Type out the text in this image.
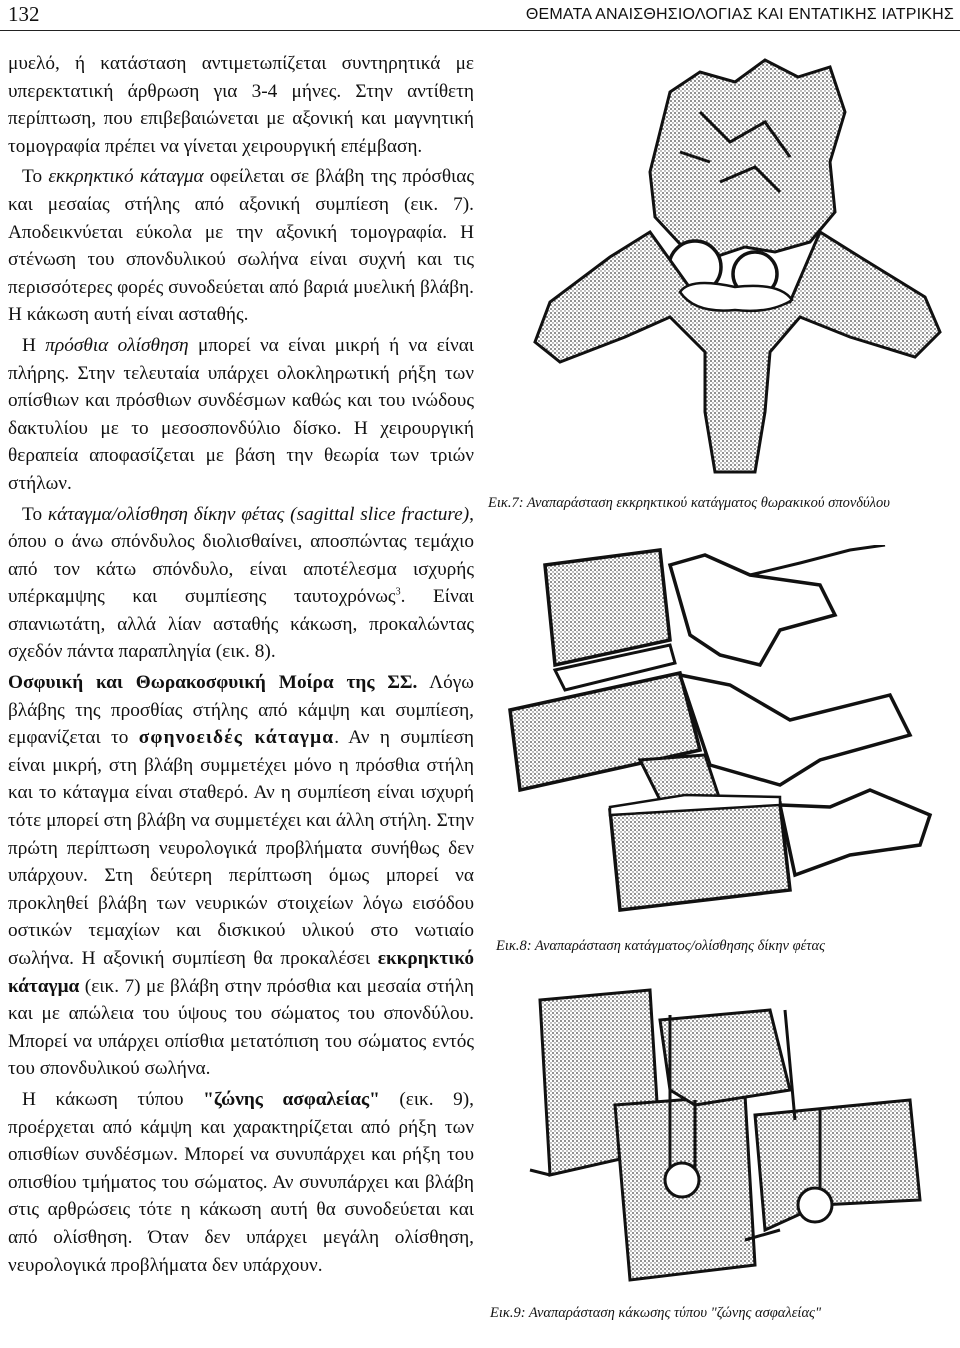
132	ΘΕΜΑΤΑ ΑΝΑΙΣΘΗΣΙΟΛΟΓΙΑΣ ΚΑΙ ΕΝΤΑΤΙΚΗΣ ΙΑΤΡΙΚΗΣ

μυελό, ή κατάσταση αντιμετωπίζεται συντηρητικά με υπερεκτατική άρθρωση για 3-4 μήνες. Στην αντίθετη περίπτωση, που επιβεβαιώνεται με αξονική και μαγνητική τομογραφία πρέπει να γίνεται χειρουργική επέμβαση.

Το εκκρηκτικό κάταγμα οφείλεται σε βλάβη της πρόσθιας και μεσαίας στήλης από αξονική συμπίεση (εικ. 7). Αποδεικνύεται εύκολα με την αξονική τομογραφία. Η στένωση του σπονδυλικού σωλήνα είναι συχνή και τις περισσότερες φορές συνοδεύεται από βαριά μυελική βλάβη. Η κάκωση αυτή είναι ασταθής.

Η πρόσθια ολίσθηση μπορεί να είναι μικρή ή να είναι πλήρης. Στην τελευταία υπάρχει ολοκληρωτική ρήξη των οπίσθιων και πρόσθιων συνδέσμων καθώς και του ινώδους δακτυλίου με το μεσοσπονδύλιο δίσκο. Η χειρουργική θεραπεία αποφασίζεται με βάση την θεωρία των τριών στήλων.

Το κάταγμα/ολίσθηση δίκην φέτας (sagittal slice fracture), όπου ο άνω σπόνδυλος διολισθαίνει, αποσπώντας τεμάχιο από τον κάτω σπόνδυλο, είναι αποτέλεσμα ισχυρής υπέρκαμψης και συμπίεσης ταυτοχρόνως$^3$. Είναι σπανιωτάτη, αλλά λίαν ασταθής κάκωση, προκαλώντας σχεδόν πάντα παραπληγία (εικ. 8).

Οσφυική και Θωρακοσφυική Μοίρα της ΣΣ. Λόγω βλάβης της προσθίας στήλης από κάμψη και συμπίεση, εμφανίζεται το σφηνοειδές κάταγμα. Αν η συμπίεση είναι μικρή, στη βλάβη συμμετέχει μόνο η πρόσθια στήλη και το κάταγμα είναι σταθερό. Αν η συμπίεση είναι ισχυρή τότε μπορεί στη βλάβη να συμμετέχει και άλλη στήλη. Στην πρώτη περίπτωση νευρολογικά προβλήματα συνήθως δεν υπάρχουν. Στη δεύτερη περίπτωση όμως μπορεί να προκληθεί βλάβη των νευρικών στοιχείων λόγω εισόδου οστικών τεμαχίων και δισκικού υλικού στο νωτιαίο σωλήνα. Η αξονική συμπίεση θα προκαλέσει εκκρηκτικό κάταγμα (εικ. 7) με βλάβη στην πρόσθια και μεσαία στήλη και με απώλεια του ύψους του σώματος του σπονδύλου. Μπορεί να υπάρχει οπίσθια μετατόπιση του σώματος εντός του σπονδυλικού σωλήνα.

Η κάκωση τύπου "ζώνης ασφαλείας" (εικ. 9), προέρχεται από κάμψη και χαρακτηρίζεται από ρήξη των οπισθίων συνδέσμων. Μπορεί να συνυπάρχει και ρήξη του οπισθίου τμήματος του σώματος. Αν συνυπάρχει και βλάβη στις αρθρώσεις τότε η κάκωση αυτή θα συνοδεύεται και από ολίσθηση. Όταν δεν υπάρχει μεγάλη ολίσθηση, νευρολογικά προβλήματα δεν υπάρχουν.

Εικ.7: Αναπαράσταση εκκρηκτικού κατάγματος θωρακικού σπονδύλου
Εικ.8: Αναπαράσταση κατάγματος/ολίσθησης δίκην φέτας
Εικ.9: Αναπαράσταση κάκωσης τύπου "ζώνης ασφαλείας"
